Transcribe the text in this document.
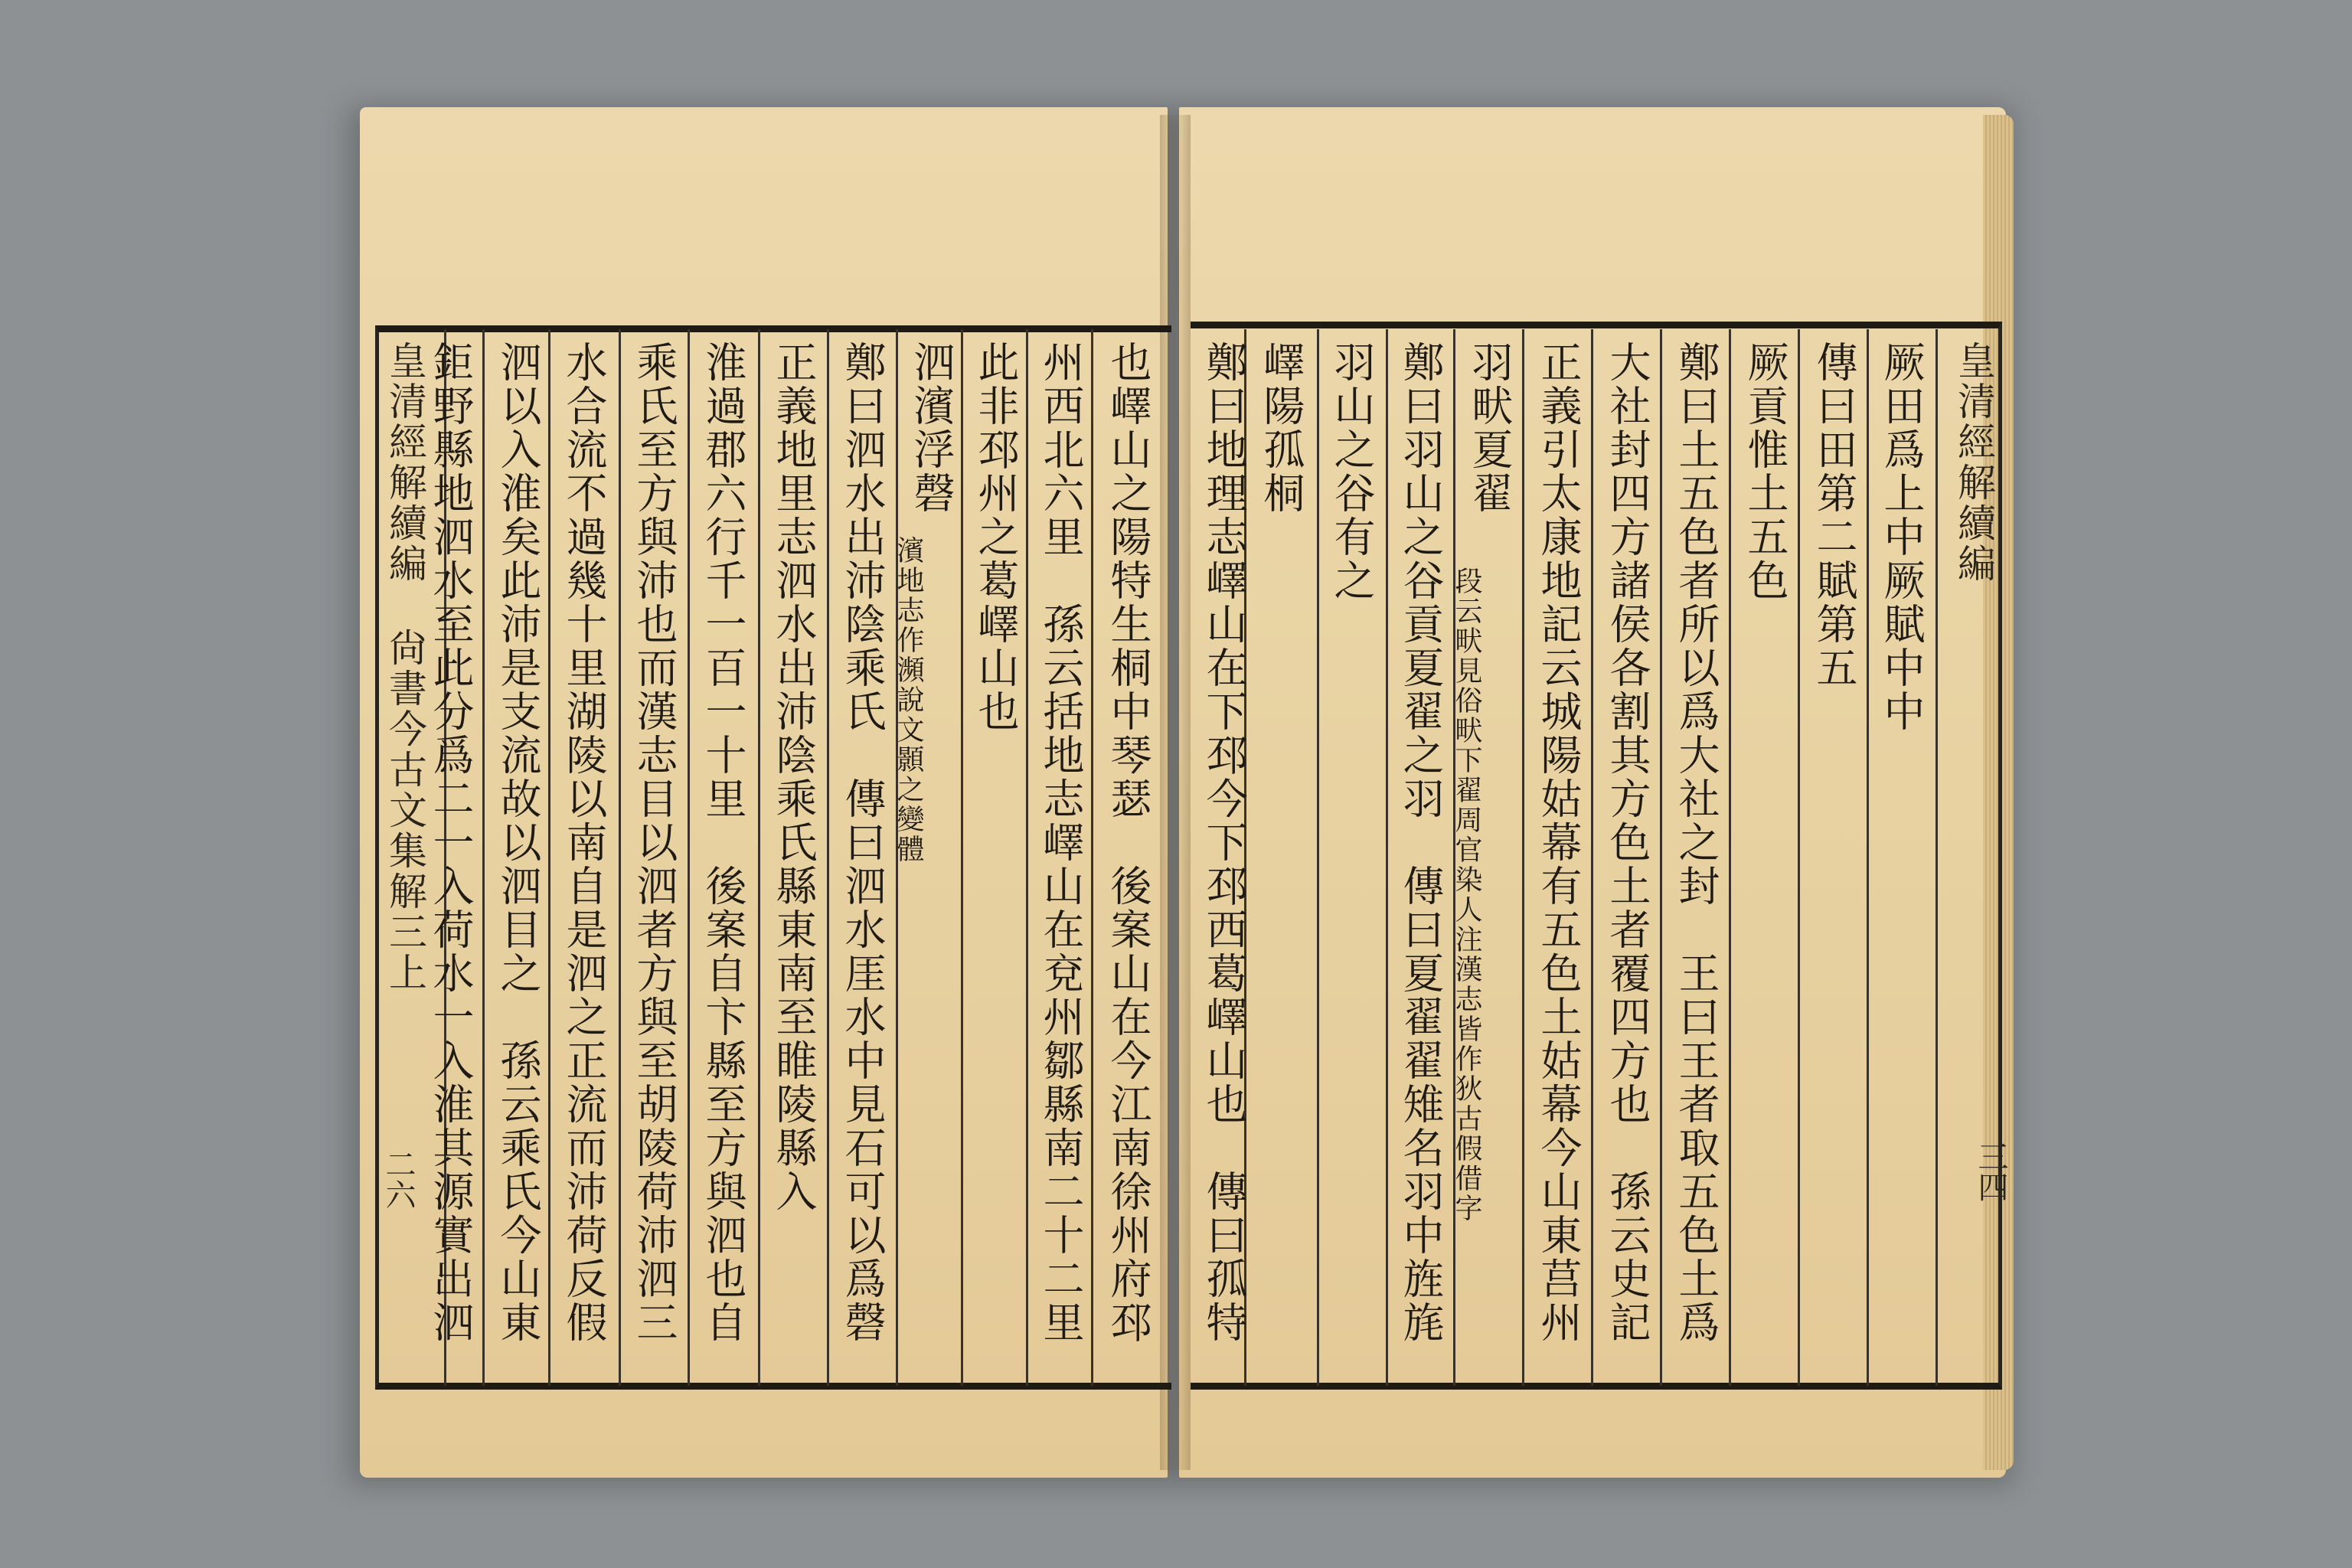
也嶧山之陽特生桐中琴瑟　後案山在今江南徐州府邳
州西北六里　孫云括地志嶧山在兗州鄒縣南二十二里
此非邳州之葛嶧山也
泗濱浮磬
濱地志作瀕說文顥之變體
鄭曰泗水出沛陰乘氏　傳曰泗水厓水中見石可以爲磬
正義地里志泗水出沛陰乘氏縣東南至睢陵縣入
淮過郡六行千一百一十里　後案自卞縣至方與泗也自
乘氏至方與沛也而漢志目以泗者方與至胡陵荷沛泗三
水合流不過幾十里湖陵以南自是泗之正流而沛荷反假
泗以入淮矣此沛是支流故以泗目之　孫云乘氏今山東
鉅野縣地泗水至此分爲二一入荷水一入淮其源實出泗
皇清經解續編
尙書今古文集解三上
二六
皇清經解續編
厥田爲上中厥賦中中
傳曰田第二賦第五
厥貢惟土五色
鄭曰土五色者所以爲大社之封　王曰王者取五色土爲
大社封四方諸侯各割其方色土者覆四方也　孫云史記
正義引太康地記云城陽姑幕有五色土姑幕今山東莒州
羽畎夏翟
段云畎見俗畎下翟周官染人注漢志皆作狄古假借字
鄭曰羽山之谷貢夏翟之羽　傳曰夏翟翟雉名羽中旌旄
羽山之谷有之
嶧陽孤桐
鄭曰地理志嶧山在下邳今下邳西葛嶧山也　傳曰孤特	三四
